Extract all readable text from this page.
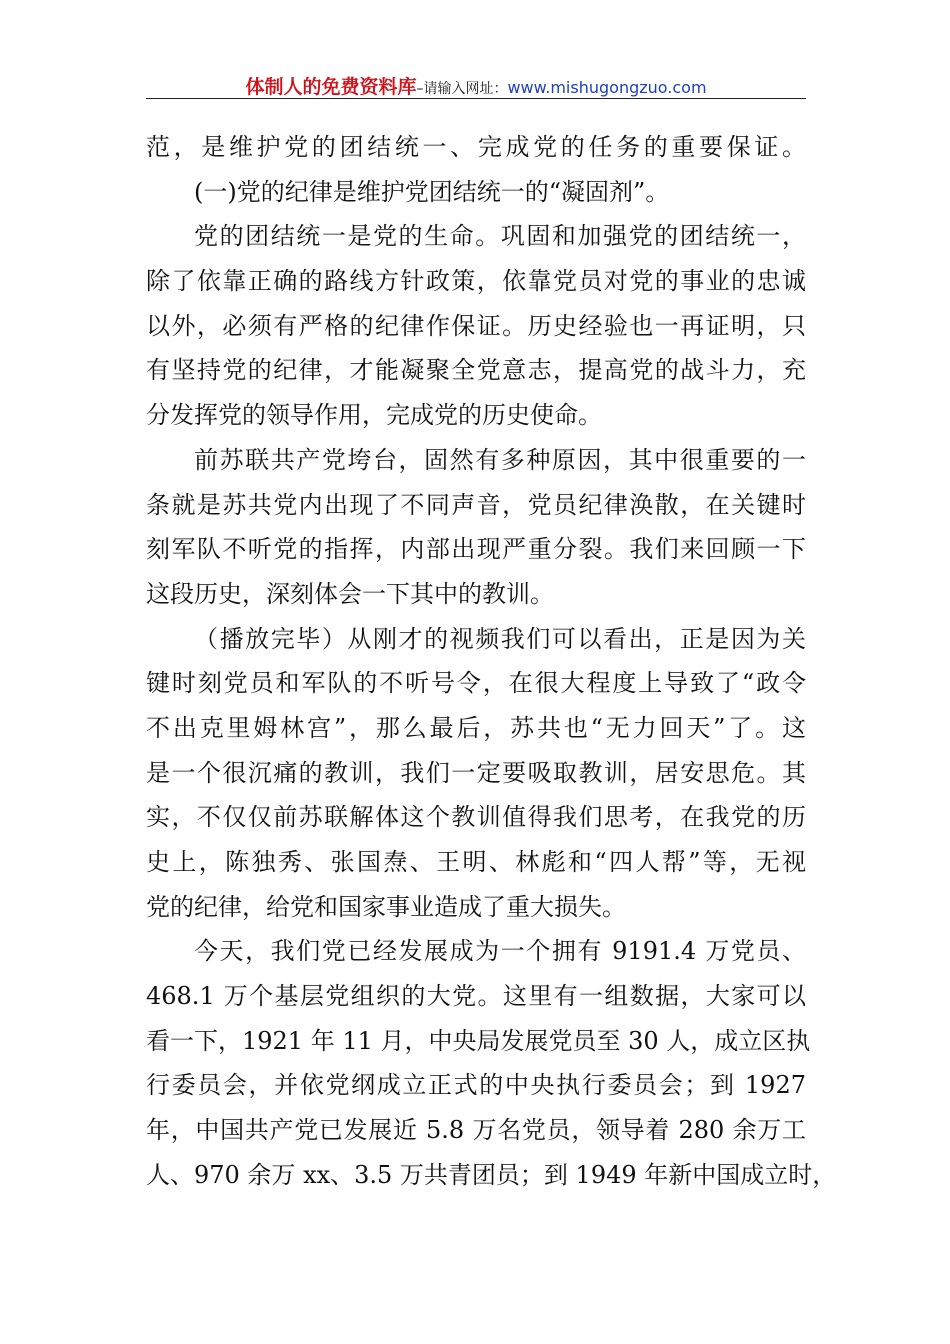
体制人的免费资料库–请输入网址：www.mishugongzuo.com
范，是维护党的团结统一、完成党的任务的重要保证。
(一)党的纪律是维护党团结统一的“凝固剂”。
党的团结统一是党的生命。巩固和加强党的团结统一，
除了依靠正确的路线方针政策，依靠党员对党的事业的忠诚
以外，必须有严格的纪律作保证。历史经验也一再证明，只
有坚持党的纪律，才能凝聚全党意志，提高党的战斗力，充
分发挥党的领导作用，完成党的历史使命。
前苏联共产党垮台，固然有多种原因，其中很重要的一
条就是苏共党内出现了不同声音，党员纪律涣散，在关键时
刻军队不听党的指挥，内部出现严重分裂。我们来回顾一下
这段历史，深刻体会一下其中的教训。
（播放完毕）从刚才的视频我们可以看出，正是因为关
键时刻党员和军队的不听号令，在很大程度上导致了“政令
不出克里姆林宫”，那么最后，苏共也“无力回天”了。这
是一个很沉痛的教训，我们一定要吸取教训，居安思危。其
实，不仅仅前苏联解体这个教训值得我们思考，在我党的历
史上，陈独秀、张国焘、王明、林彪和“四人帮”等，无视
党的纪律，给党和国家事业造成了重大损失。
今天，我们党已经发展成为一个拥有 9191.4 万党员、
468.1 万个基层党组织的大党。这里有一组数据，大家可以
看一下，1921 年 11 月，中央局发展党员至 30 人，成立区执
行委员会，并依党纲成立正式的中央执行委员会；到 1927
年，中国共产党已发展近 5.8 万名党员，领导着 280 余万工
人、970 余万 xx、3.5 万共青团员；到 1949 年新中国成立时，
